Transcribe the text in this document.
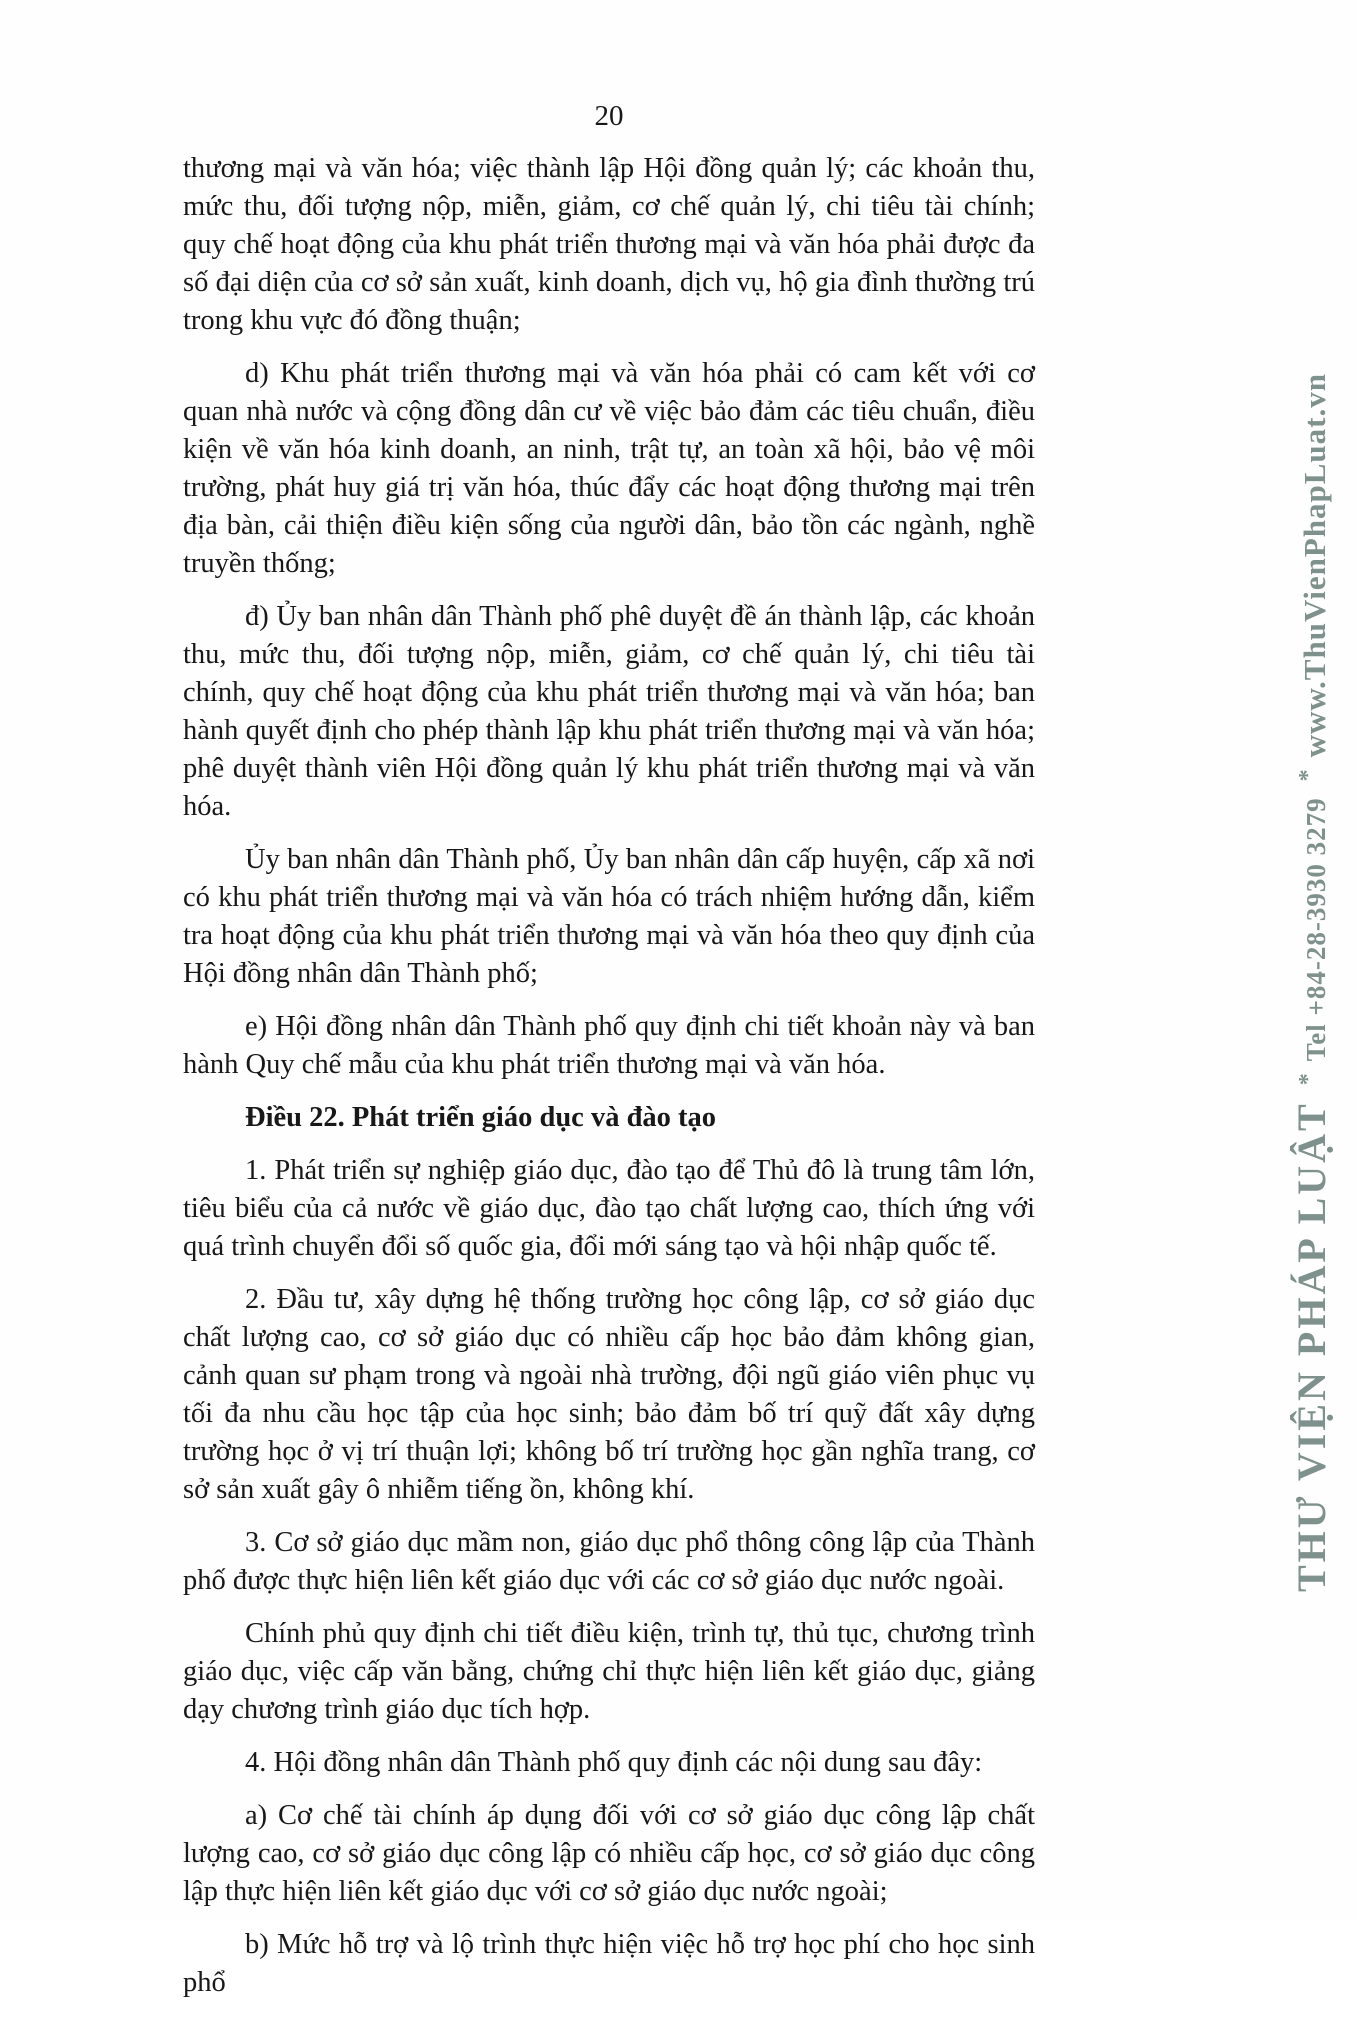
20

thương mại và văn hóa; việc thành lập Hội đồng quản lý; các khoản thu, mức thu, đối tượng nộp, miễn, giảm, cơ chế quản lý, chi tiêu tài chính; quy chế hoạt động của khu phát triển thương mại và văn hóa phải được đa số đại diện của cơ sở sản xuất, kinh doanh, dịch vụ, hộ gia đình thường trú trong khu vực đó đồng thuận;

d) Khu phát triển thương mại và văn hóa phải có cam kết với cơ quan nhà nước và cộng đồng dân cư về việc bảo đảm các tiêu chuẩn, điều kiện về văn hóa kinh doanh, an ninh, trật tự, an toàn xã hội, bảo vệ môi trường, phát huy giá trị văn hóa, thúc đẩy các hoạt động thương mại trên địa bàn, cải thiện điều kiện sống của người dân, bảo tồn các ngành, nghề truyền thống;

đ) Ủy ban nhân dân Thành phố phê duyệt đề án thành lập, các khoản thu, mức thu, đối tượng nộp, miễn, giảm, cơ chế quản lý, chi tiêu tài chính, quy chế hoạt động của khu phát triển thương mại và văn hóa; ban hành quyết định cho phép thành lập khu phát triển thương mại và văn hóa; phê duyệt thành viên Hội đồng quản lý khu phát triển thương mại và văn hóa.

Ủy ban nhân dân Thành phố, Ủy ban nhân dân cấp huyện, cấp xã nơi có khu phát triển thương mại và văn hóa có trách nhiệm hướng dẫn, kiểm tra hoạt động của khu phát triển thương mại và văn hóa theo quy định của Hội đồng nhân dân Thành phố;

e) Hội đồng nhân dân Thành phố quy định chi tiết khoản này và ban hành Quy chế mẫu của khu phát triển thương mại và văn hóa.

Điều 22. Phát triển giáo dục và đào tạo

1. Phát triển sự nghiệp giáo dục, đào tạo để Thủ đô là trung tâm lớn, tiêu biểu của cả nước về giáo dục, đào tạo chất lượng cao, thích ứng với quá trình chuyển đổi số quốc gia, đổi mới sáng tạo và hội nhập quốc tế.

2. Đầu tư, xây dựng hệ thống trường học công lập, cơ sở giáo dục chất lượng cao, cơ sở giáo dục có nhiều cấp học bảo đảm không gian, cảnh quan sư phạm trong và ngoài nhà trường, đội ngũ giáo viên phục vụ tối đa nhu cầu học tập của học sinh; bảo đảm bố trí quỹ đất xây dựng trường học ở vị trí thuận lợi; không bố trí trường học gần nghĩa trang, cơ sở sản xuất gây ô nhiễm tiếng ồn, không khí.

3. Cơ sở giáo dục mầm non, giáo dục phổ thông công lập của Thành phố được thực hiện liên kết giáo dục với các cơ sở giáo dục nước ngoài.

Chính phủ quy định chi tiết điều kiện, trình tự, thủ tục, chương trình giáo dục, việc cấp văn bằng, chứng chỉ thực hiện liên kết giáo dục, giảng dạy chương trình giáo dục tích hợp.

4. Hội đồng nhân dân Thành phố quy định các nội dung sau đây:

a) Cơ chế tài chính áp dụng đối với cơ sở giáo dục công lập chất lượng cao, cơ sở giáo dục công lập có nhiều cấp học, cơ sở giáo dục công lập thực hiện liên kết giáo dục với cơ sở giáo dục nước ngoài;

b) Mức hỗ trợ và lộ trình thực hiện việc hỗ trợ học phí cho học sinh phổ

THƯ VIỆN PHÁP LUẬT *Tel +84-28-3930 3279 *www.ThuVienPhapLuat.vn
